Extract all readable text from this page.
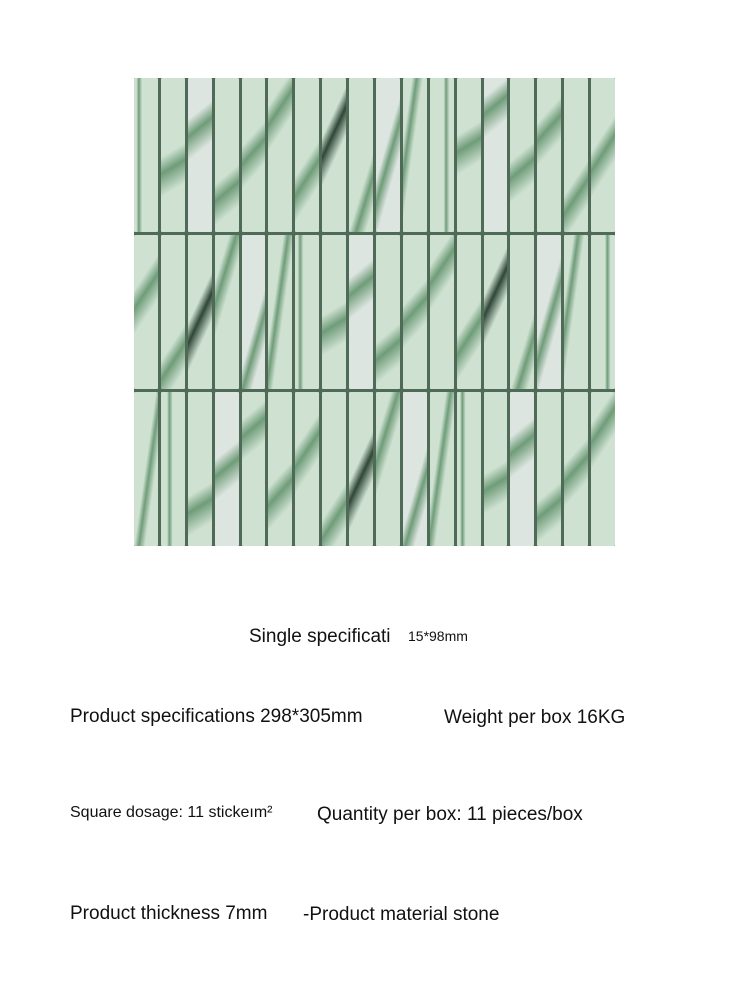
Single specificati 15*98mm
Product specifications 298*305mm	Weight per box 16KG
Square dosage: 11 stickeım² Quantity per box: 11 pieces/box
Product thickness 7mm -Product material stone
